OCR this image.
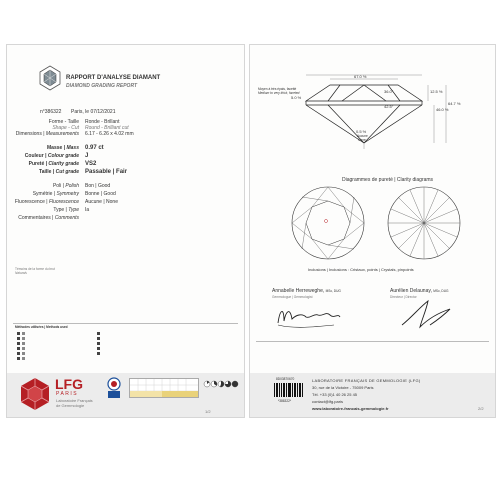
RAPPORT D'ANALYSE DIAMANT
DIAMOND GRADING REPORT
n°386322 Paris, le 07/12/2021
Forme - Taille
Shape - Cut
Ronde - Brillant
Round - Brilliant cut
Dimensions | Measurements 6.17 - 6.26 x 4.02 mm
Masse | Mass 0.97 ct
Couleur | Colour grade J
Pureté | Clarity grade VS2
Taille | Cut grade Passable | Fair
Poli | Polish Bon | Good
Symétrie | Symmetry Bonne | Good
Fluorescence | Fluorescence Aucune | None
Type | Type Ia
Commentaires | Comments
Témoins de la forme du brut
Naturals
Méthodes utilisées | Methods used
LFG
PARIS
Laboratoire Français
de Gemmologie
1/2
67.0 %
36.0°
42.5°
12.5 %
46.0 %
64.7 %
Moyen à très épais, facetté
Medium to very thick, faceted
5.0 %
0.5 %
Aucune
None
Diagrammes de pureté | Clarity diagrams
Inclusions | Inclusions : Cristaux, points | Crystals, pinpoints
Annabelle Herreweghe, MSc, DUG
Gemmologue | Gemmologist
Aurélien Delaunay, MSc, DUG
Directeur | Director
8D03870670
*386322*
LABORATOIRE FRANÇAIS DE GEMMOLOGIE (LFG)
30, rue de la Victoire - 75009 Paris
Tél. +33 (0)1 40 26 25 45
contact@lfg.paris
www.laboratoire-francais-gemmologie.fr	2/2
